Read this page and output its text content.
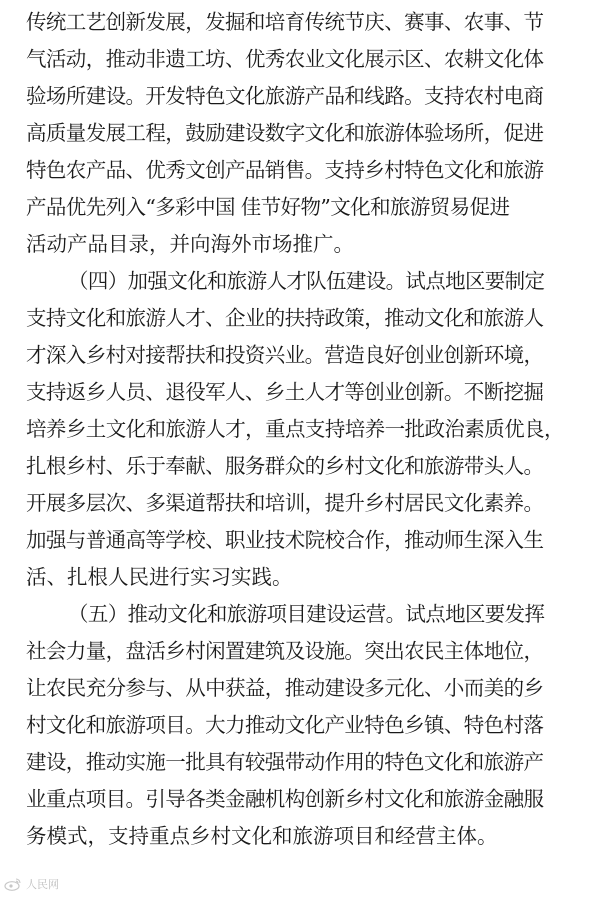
传统工艺创新发展，发掘和培育传统节庆、赛事、农事、节
气活动，推动非遗工坊、优秀农业文化展示区、农耕文化体
验场所建设。开发特色文化旅游产品和线路。支持农村电商
高质量发展工程，鼓励建设数字文化和旅游体验场所，促进
特色农产品、优秀文创产品销售。支持乡村特色文化和旅游
产品优先列入“多彩中国 佳节好物”文化和旅游贸易促进
活动产品目录，并向海外市场推广。
（四）加强文化和旅游人才队伍建设。试点地区要制定
支持文化和旅游人才、企业的扶持政策，推动文化和旅游人
才深入乡村对接帮扶和投资兴业。营造良好创业创新环境，
支持返乡人员、退役军人、乡土人才等创业创新。不断挖掘
培养乡土文化和旅游人才，重点支持培养一批政治素质优良，
扎根乡村、乐于奉献、服务群众的乡村文化和旅游带头人。
开展多层次、多渠道帮扶和培训，提升乡村居民文化素养。
加强与普通高等学校、职业技术院校合作，推动师生深入生
活、扎根人民进行实习实践。
（五）推动文化和旅游项目建设运营。试点地区要发挥
社会力量，盘活乡村闲置建筑及设施。突出农民主体地位，
让农民充分参与、从中获益，推动建设多元化、小而美的乡
村文化和旅游项目。大力推动文化产业特色乡镇、特色村落
建设，推动实施一批具有较强带动作用的特色文化和旅游产
业重点项目。引导各类金融机构创新乡村文化和旅游金融服
务模式，支持重点乡村文化和旅游项目和经营主体。
人民网
